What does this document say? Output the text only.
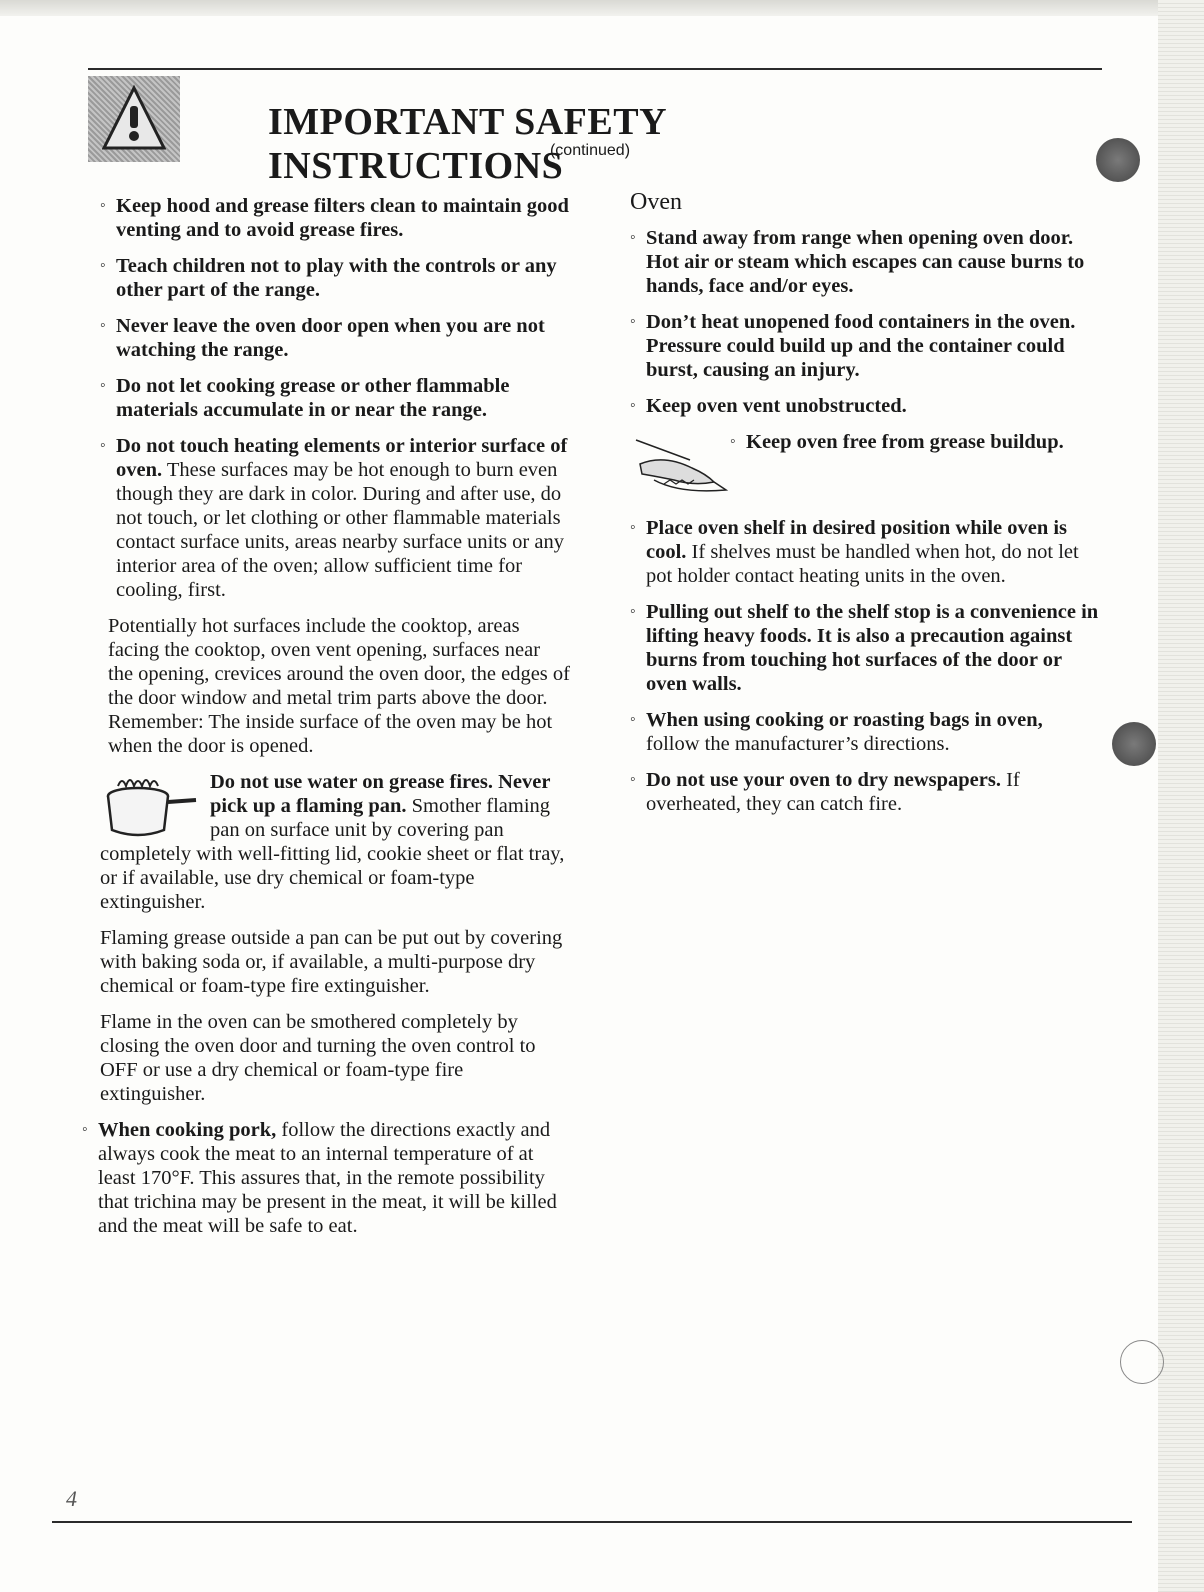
IMPORTANT SAFETY INSTRUCTIONS
(continued)
◦ Keep hood and grease filters clean to maintain good venting and to avoid grease fires.
◦ Teach children not to play with the controls or any other part of the range.
◦ Never leave the oven door open when you are not watching the range.
◦ Do not let cooking grease or other flammable materials accumulate in or near the range.
◦ Do not touch heating elements or interior surface of oven. These surfaces may be hot enough to burn even though they are dark in color. During and after use, do not touch, or let clothing or other flammable materials contact surface units, areas nearby surface units or any interior area of the oven; allow sufficient time for cooling, first.
Potentially hot surfaces include the cooktop, areas facing the cooktop, oven vent opening, surfaces near the opening, crevices around the oven door, the edges of the door window and metal trim parts above the door. Remember: The inside surface of the oven may be hot when the door is opened.
Do not use water on grease fires. Never pick up a flaming pan. Smother flaming pan on surface unit by covering pan completely with well-fitting lid, cookie sheet or flat tray, or if available, use dry chemical or foam-type extinguisher.
Flaming grease outside a pan can be put out by covering with baking soda or, if available, a multi-purpose dry chemical or foam-type fire extinguisher.
Flame in the oven can be smothered completely by closing the oven door and turning the oven control to OFF or use a dry chemical or foam-type fire extinguisher.
◦ When cooking pork, follow the directions exactly and always cook the meat to an internal temperature of at least 170°F. This assures that, in the remote possibility that trichina may be present in the meat, it will be killed and the meat will be safe to eat.
Oven
◦ Stand away from range when opening oven door. Hot air or steam which escapes can cause burns to hands, face and/or eyes.
◦ Don’t heat unopened food containers in the oven. Pressure could build up and the container could burst, causing an injury.
◦ Keep oven vent unobstructed.
◦ Keep oven free from grease buildup.
◦ Place oven shelf in desired position while oven is cool. If shelves must be handled when hot, do not let pot holder contact heating units in the oven.
◦ Pulling out shelf to the shelf stop is a convenience in lifting heavy foods. It is also a precaution against burns from touching hot surfaces of the door or oven walls.
◦ When using cooking or roasting bags in oven, follow the manufacturer’s directions.
◦ Do not use your oven to dry newspapers. If overheated, they can catch fire.
4
